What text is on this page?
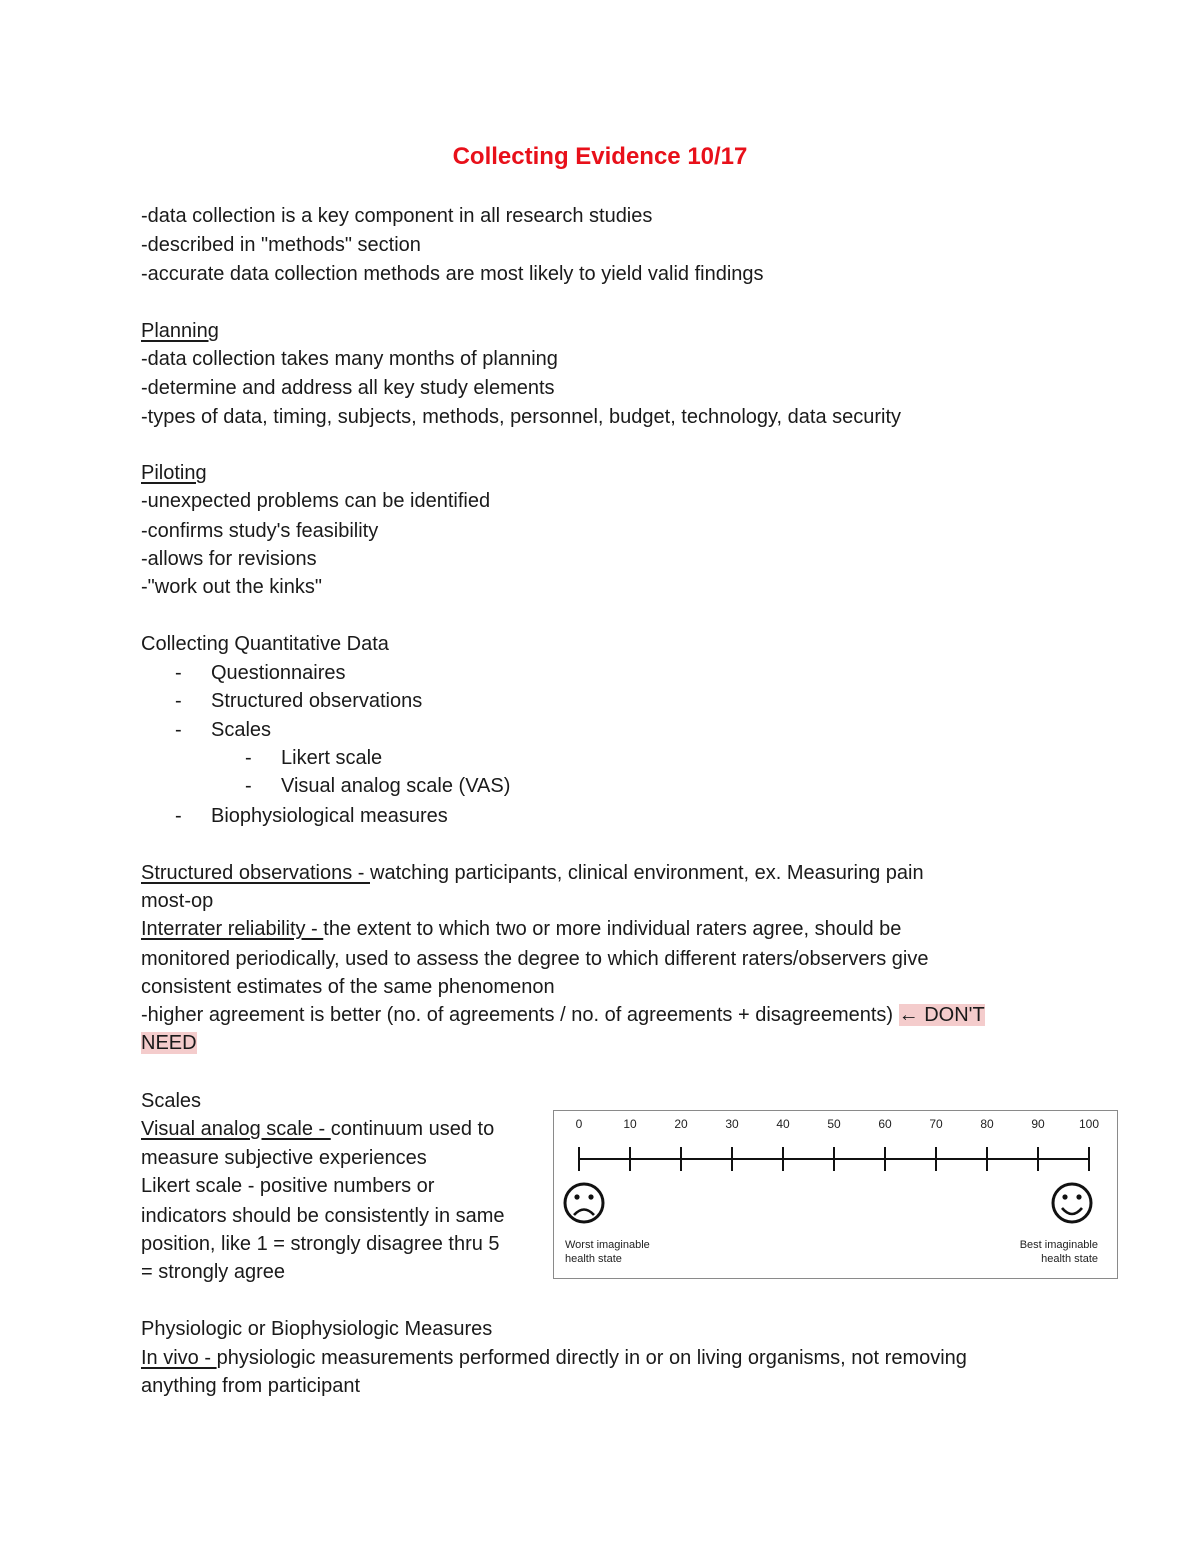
Collecting Evidence 10/17
-data collection is a key component in all research studies
-described in "methods" section
-accurate data collection methods are most likely to yield valid findings
Planning
-data collection takes many months of planning
-determine and address all key study elements
-types of data, timing, subjects, methods, personnel, budget, technology, data security
Piloting
-unexpected problems can be identified
-confirms study's feasibility
-allows for revisions
-"work out the kinks"
Collecting Quantitative Data
- Questionnaires
- Structured observations
- Scales
- Likert scale
- Visual analog scale (VAS)
- Biophysiological measures
Structured observations - watching participants, clinical environment, ex. Measuring pain
most-op
Interrater reliability - the extent to which two or more individual raters agree, should be
monitored periodically, used to assess the degree to which different raters/observers give
consistent estimates of the same phenomenon
-higher agreement is better (no. of agreements / no. of agreements + disagreements) ← DON'T
NEED
Scales
Visual analog scale - continuum used to
measure subjective experiences
Likert scale - positive numbers or
indicators should be consistently in same
position, like 1 = strongly disagree thru 5
= strongly agree
0	10	20	30	40	50	60	70	80	90	100
Worst imaginable
health state
Best imaginable
health state
Physiologic or Biophysiologic Measures
In vivo - physiologic measurements performed directly in or on living organisms, not removing
anything from participant
